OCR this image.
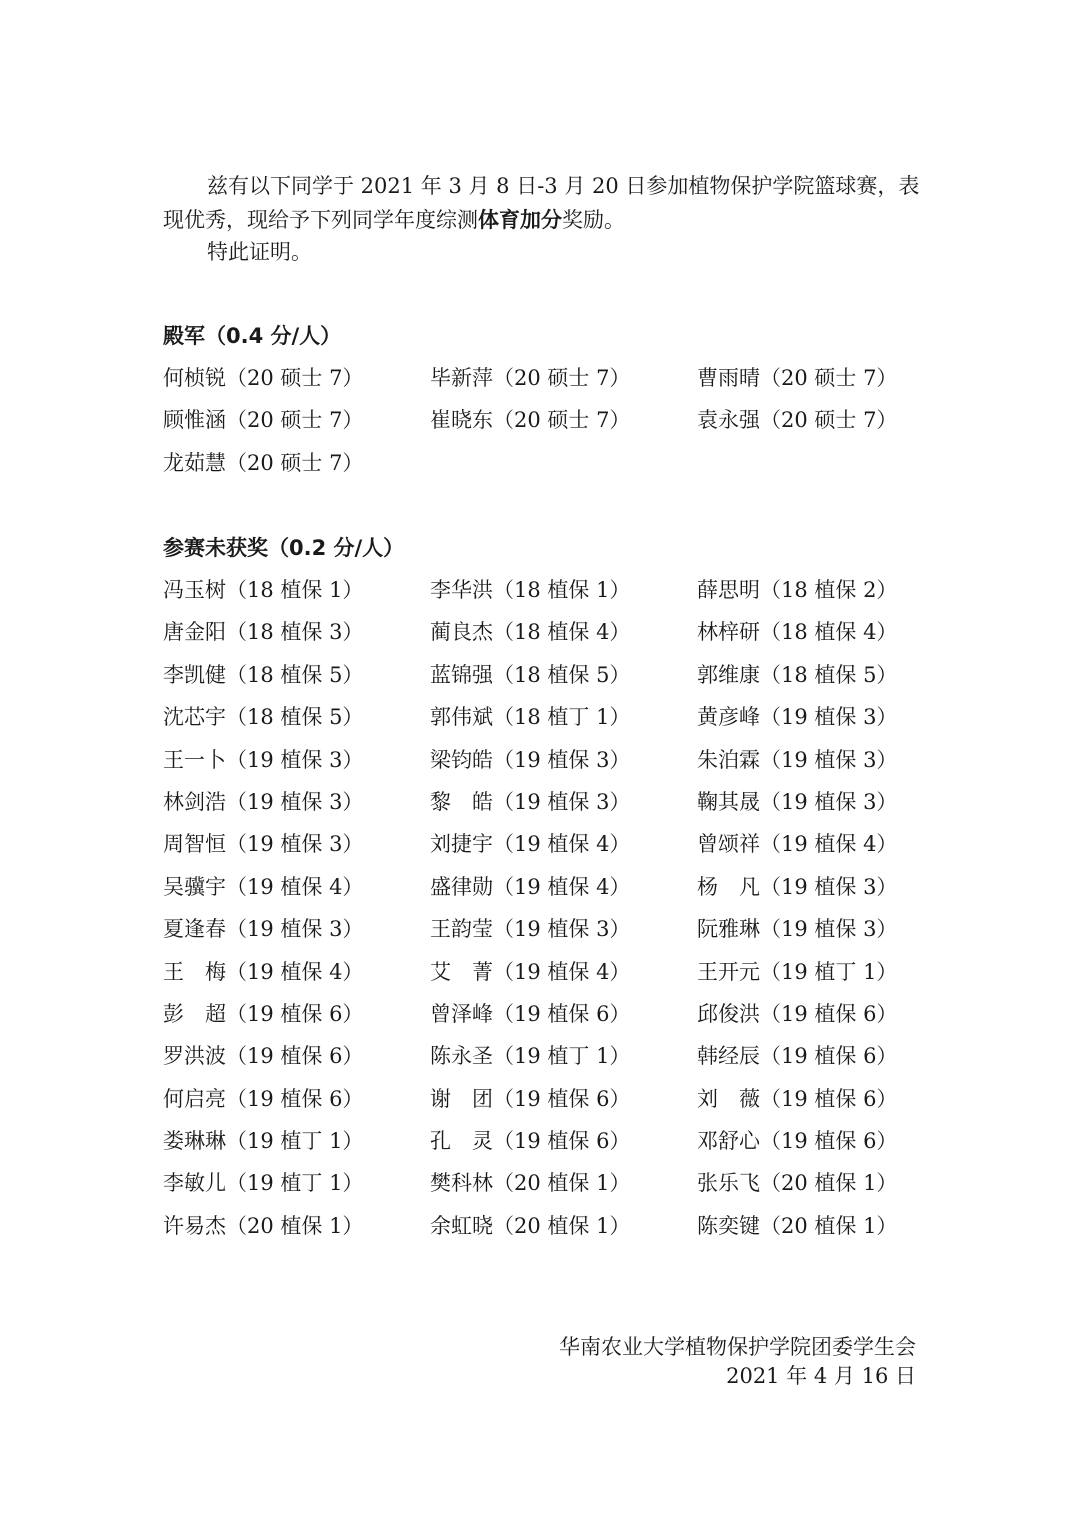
兹有以下同学于 2021 年 3 月 8 日-3 月 20 日参加植物保护学院篮球赛，表现优秀，现给予下列同学年度综测体育加分奖励。

特此证明。
殿军（0.4 分/人）
何桢锐（20 硕士 7）	毕新萍（20 硕士 7）	曹雨晴（20 硕士 7）
顾惟涵（20 硕士 7）	崔晓东（20 硕士 7）	袁永强（20 硕士 7）
龙茹慧（20 硕士 7）
参赛未获奖（0.2 分/人）
冯玉树（18 植保 1）	李华洪（18 植保 1）	薛思明（18 植保 2）
唐金阳（18 植保 3）	蔺良杰（18 植保 4）	林梓研（18 植保 4）
李凯健（18 植保 5）	蓝锦强（18 植保 5）	郭维康（18 植保 5）
沈芯宇（18 植保 5）	郭伟斌（18 植丁 1）	黄彦峰（19 植保 3）
王一卜（19 植保 3）	梁钧皓（19 植保 3）	朱泊霖（19 植保 3）
林剑浩（19 植保 3）	黎　皓（19 植保 3）	鞠其晟（19 植保 3）
周智恒（19 植保 3）	刘捷宇（19 植保 4）	曾颂祥（19 植保 4）
吴骥宇（19 植保 4）	盛律勋（19 植保 4）	杨　凡（19 植保 3）
夏逢春（19 植保 3）	王韵莹（19 植保 3）	阮雅琳（19 植保 3）
王　梅（19 植保 4）	艾　菁（19 植保 4）	王开元（19 植丁 1）
彭　超（19 植保 6）	曾泽峰（19 植保 6）	邱俊洪（19 植保 6）
罗洪波（19 植保 6）	陈永圣（19 植丁 1）	韩经辰（19 植保 6）
何启亮（19 植保 6）	谢　团（19 植保 6）	刘　薇（19 植保 6）
娄琳琳（19 植丁 1）	孔　灵（19 植保 6）	邓舒心（19 植保 6）
李敏儿（19 植丁 1）	樊科林（20 植保 1）	张乐飞（20 植保 1）
许易杰（20 植保 1）	余虹晓（20 植保 1）	陈奕键（20 植保 1）
华南农业大学植物保护学院团委学生会
2021 年 4 月 16 日
